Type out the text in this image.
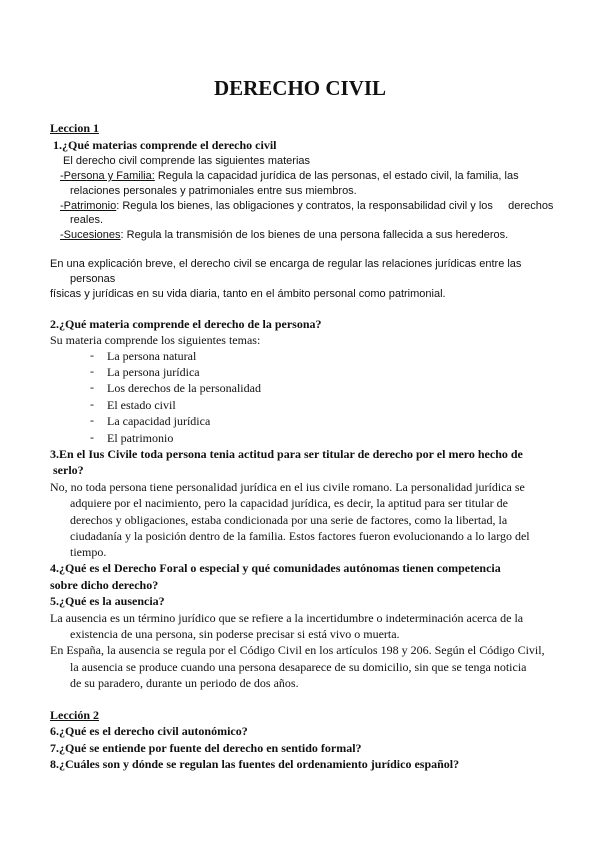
DERECHO CIVIL
Leccion 1
1.¿Qué materias comprende el derecho civil
El derecho civil comprende las siguientes materias
-Persona y Familia: Regula la capacidad jurídica de las personas, el estado civil, la familia, las
relaciones personales y patrimoniales entre sus miembros.
-Patrimonio: Regula los bienes, las obligaciones y contratos, la responsabilidad civil y los     derechos
reales.
-Sucesiones: Regula la transmisión de los bienes de una persona fallecida a sus herederos.
En una explicación breve, el derecho civil se encarga de regular las relaciones jurídicas entre las
personas
físicas y jurídicas en su vida diaria, tanto en el ámbito personal como patrimonial.
2.¿Qué materia comprende el derecho de la persona?
Su materia comprende los siguientes temas:
- La persona natural
- La persona jurídica
- Los derechos de la personalidad
- El estado civil
- La capacidad jurídica
- El patrimonio
3.En el Ius Civile toda persona tenia actitud para ser titular de derecho por el mero hecho de
serlo?
No, no toda persona tiene personalidad jurídica en el ius civile romano. La personalidad jurídica se
adquiere por el nacimiento, pero la capacidad jurídica, es decir, la aptitud para ser titular de
derechos y obligaciones, estaba condicionada por una serie de factores, como la libertad, la
ciudadanía y la posición dentro de la familia. Estos factores fueron evolucionando a lo largo del
tiempo.
4.¿Qué es el Derecho Foral o especial y qué comunidades autónomas tienen competencia
sobre dicho derecho?
5.¿Qué es la ausencia?
La ausencia es un término jurídico que se refiere a la incertidumbre o indeterminación acerca de la
existencia de una persona, sin poderse precisar si está vivo o muerta.
En España, la ausencia se regula por el Código Civil en los artículos 198 y 206. Según el Código Civil,
la ausencia se produce cuando una persona desaparece de su domicilio, sin que se tenga noticia
de su paradero, durante un periodo de dos años.
Lección 2
6.¿Qué es el derecho civil autonómico?
7.¿Qué se entiende por fuente del derecho en sentido formal?
8.¿Cuáles son y dónde se regulan las fuentes del ordenamiento jurídico español?
